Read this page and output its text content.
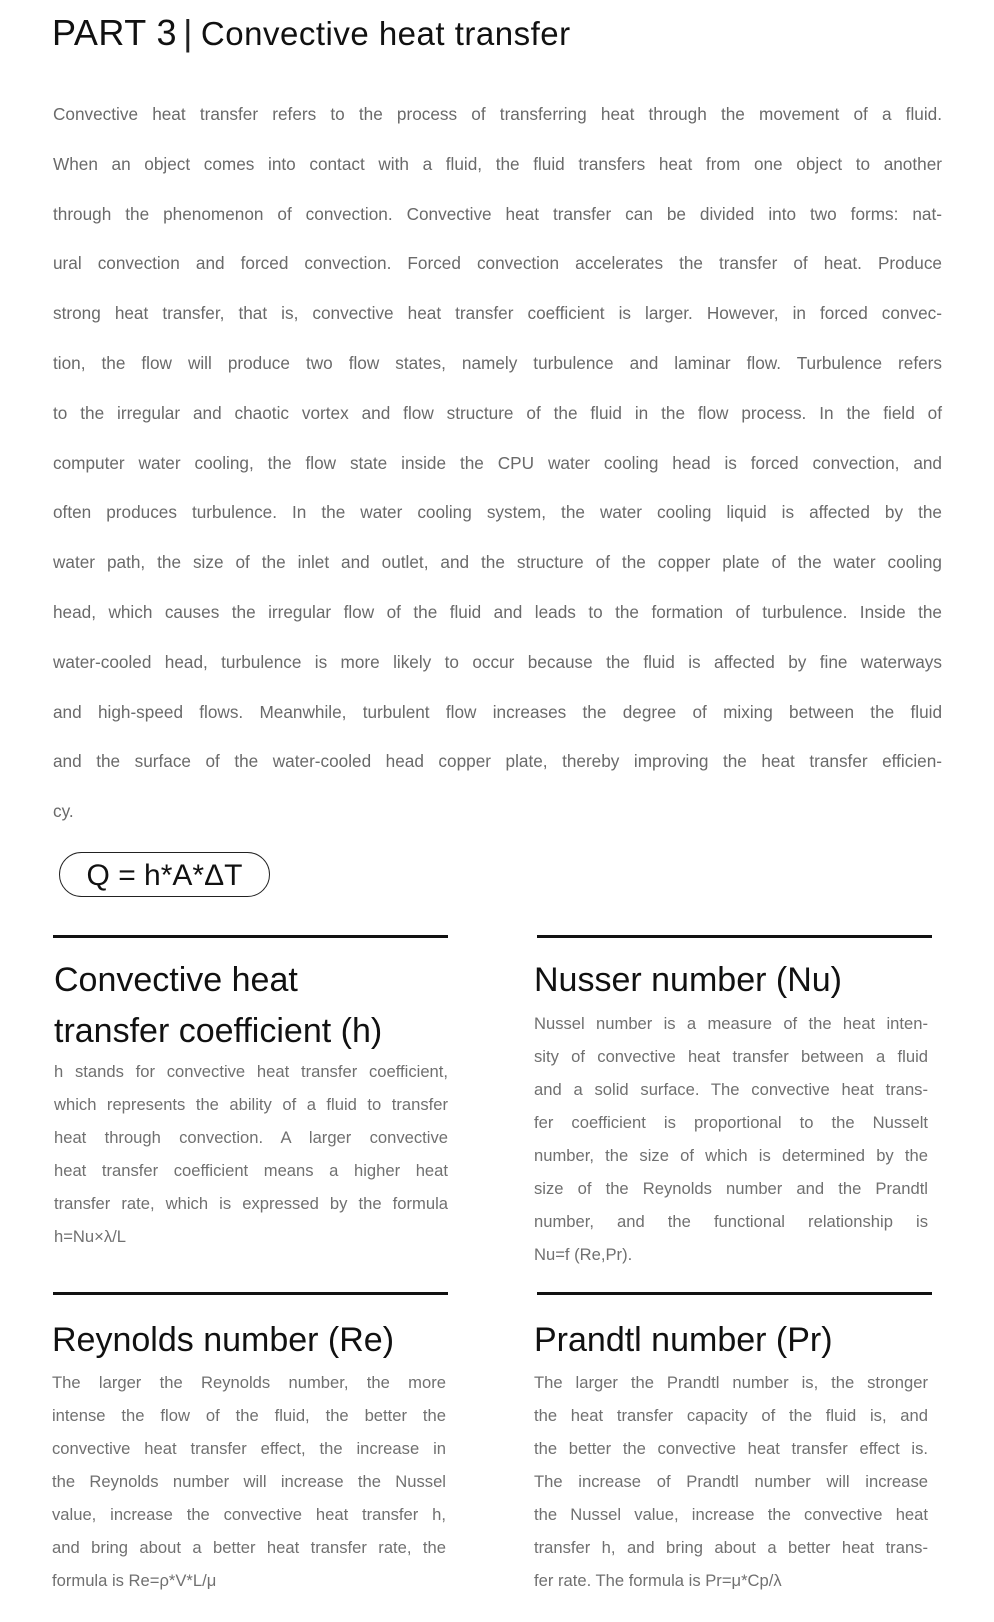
PART 3 | Convective heat transfer
Convective heat transfer refers to the process of transferring heat through the movement of a fluid.
When an object comes into contact with a fluid, the fluid transfers heat from one object to another
through the phenomenon of convection. Convective heat transfer can be divided into two forms: nat-
ural convection and forced convection. Forced convection accelerates the transfer of heat. Produce
strong heat transfer, that is, convective heat transfer coefficient is larger. However, in forced convec-
tion, the flow will produce two flow states, namely turbulence and laminar flow. Turbulence refers
to the irregular and chaotic vortex and flow structure of the fluid in the flow process. In the field of
computer water cooling, the flow state inside the CPU water cooling head is forced convection, and
often produces turbulence. In the water cooling system, the water cooling liquid is affected by the
water path, the size of the inlet and outlet, and the structure of the copper plate of the water cooling
head, which causes the irregular flow of the fluid and leads to the formation of turbulence. Inside the
water-cooled head, turbulence is more likely to occur because the fluid is affected by fine waterways
and high-speed flows. Meanwhile, turbulent flow increases the degree of mixing between the fluid
and the surface of the water-cooled head copper plate, thereby improving the heat transfer efficien-
cy.
Q = h*A*ΔT
Convective heat
transfer coefficient (h)
h stands for convective heat transfer coefficient,
which represents the ability of a fluid to transfer
heat through convection. A larger convective
heat transfer coefficient means a higher heat
transfer rate, which is expressed by the formula
h=Nu×λ/L
Nusser number (Nu)
Nussel number is a measure of the heat inten-
sity of convective heat transfer between a fluid
and a solid surface. The convective heat trans-
fer coefficient is proportional to the Nusselt
number, the size of which is determined by the
size of the Reynolds number and the Prandtl
number, and the functional relationship is
Nu=f (Re,Pr).
Reynolds number (Re)
The larger the Reynolds number, the more
intense the flow of the fluid, the better the
convective heat transfer effect, the increase in
the Reynolds number will increase the Nussel
value, increase the convective heat transfer h,
and bring about a better heat transfer rate, the
formula is Re=ρ*V*L/μ
Prandtl number (Pr)
The larger the Prandtl number is, the stronger
the heat transfer capacity of the fluid is, and
the better the convective heat transfer effect is.
The increase of Prandtl number will increase
the Nussel value, increase the convective heat
transfer h, and bring about a better heat trans-
fer rate. The formula is Pr=μ*Cp/λ
